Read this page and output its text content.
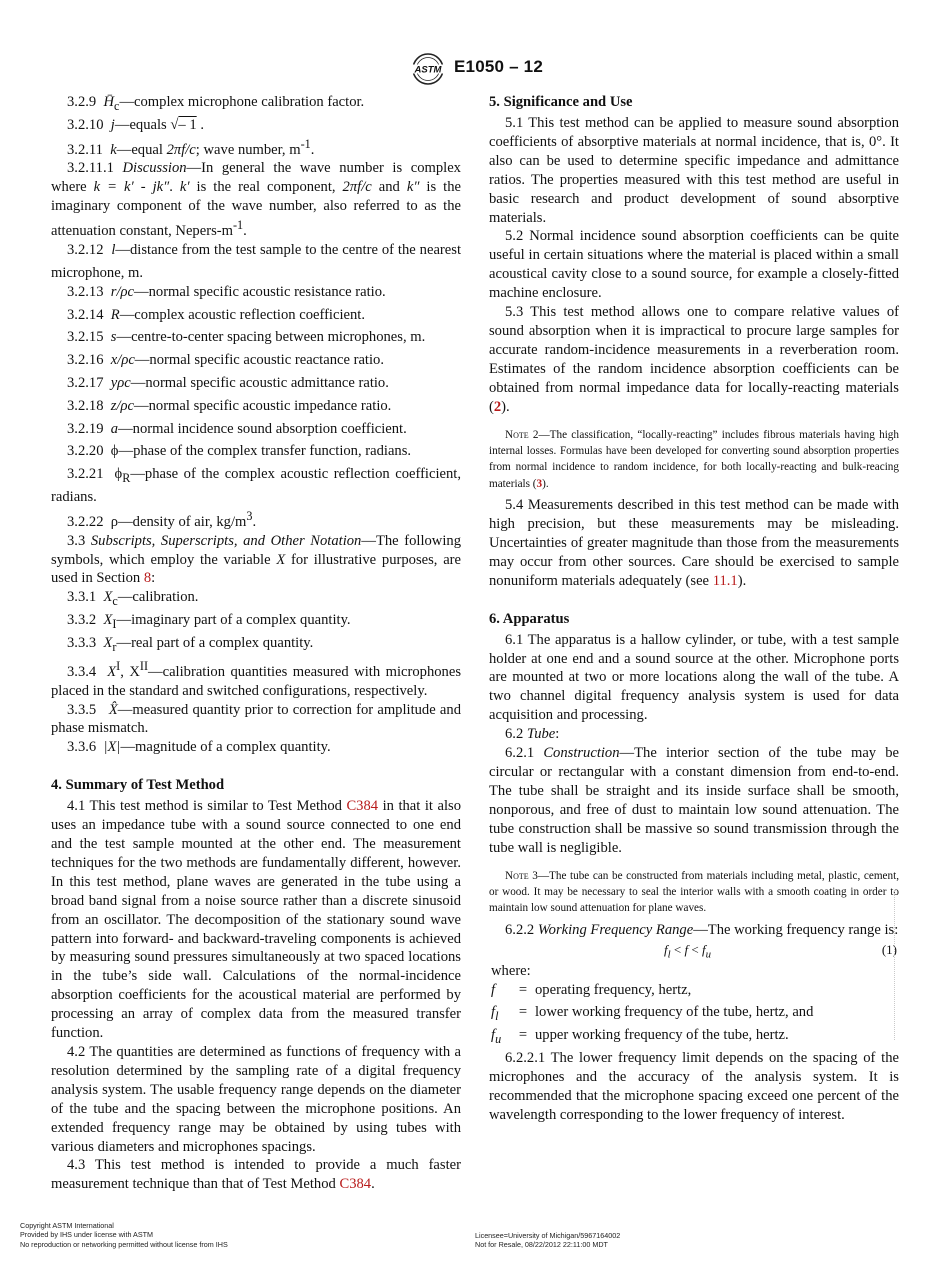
ASTM E1050 – 12

3.2.9 $H̄_c—complex$ microphone calibration factor.

3.2.10 j—equals √– 1 .

3.2.11 k—equal 2πf/c; wave number, $m^{-1}$.

3.2.11.1 Discussion—In general the wave number is complex where k = k′ - jk″. k′ is the real component, 2πf/c and k″ is the imaginary component of the wave number, also referred to as the attenuation constant, Nepers-$m^{-1}$.

3.2.12 l—distance from the test sample to the centre of the nearest microphone, m.

3.2.13 r/ρc—normal specific acoustic resistance ratio.

3.2.14 R—complex acoustic reflection coefficient.

3.2.15 s—centre-to-center spacing between microphones, m.

3.2.16 x/ρc—normal specific acoustic reactance ratio.

3.2.17 yρc—normal specific acoustic admittance ratio.

3.2.18 z/ρc—normal specific acoustic impedance ratio.

3.2.19 a—normal incidence sound absorption coefficient.

3.2.20 ϕ—phase of the complex transfer function, radians.

3.2.21 $\phi_R—phase$ of the complex acoustic reflection coefficient, radians.

3.2.22 ρ—density of air, $kg/m^3$.

3.3 Subscripts, Superscripts, and Other Notation—The following symbols, which employ the variable X for illustrative purposes, are used in Section 8:

3.3.1 $X_c—calibration$.

3.3.2 $X_I—imaginary$ part of a complex quantity.

3.3.3 $X_r—real$ part of a complex quantity.

3.3.4 $X^I$, $X^{II}—calibration$ quantities measured with microphones placed in the standard and switched configurations, respectively.

3.3.5 X̂—measured quantity prior to correction for amplitude and phase mismatch.

3.3.6 |X|—magnitude of a complex quantity.

4. Summary of Test Method

4.1 This test method is similar to Test Method C384 in that it also uses an impedance tube with a sound source connected to one end and the test sample mounted at the other end. The measurement techniques for the two methods are fundamentally different, however. In this test method, plane waves are generated in the tube using a broad band signal from a noise source rather than a discrete sinusoid from an oscillator. The decomposition of the stationary sound wave pattern into forward- and backward-traveling components is achieved by measuring sound pressures simultaneously at two spaced locations in the tube’s side wall. Calculations of the normal-incidence absorption coefficients for the acoustical material are performed by processing an array of complex data from the measured transfer function.

4.2 The quantities are determined as functions of frequency with a resolution determined by the sampling rate of a digital frequency analysis system. The usable frequency range depends on the diameter of the tube and the spacing between the microphone positions. An extended frequency range may be obtained by using tubes with various diameters and microphones spacings.

4.3 This test method is intended to provide a much faster measurement technique than that of Test Method C384.

5. Significance and Use

5.1 This test method can be applied to measure sound absorption coefficients of absorptive materials at normal incidence, that is, 0°. It also can be used to determine specific impedance and admittance ratios. The properties measured with this test method are useful in basic research and product development of sound absorptive materials.

5.2 Normal incidence sound absorption coefficients can be quite useful in certain situations where the material is placed within a small acoustical cavity close to a sound source, for example a closely-fitted machine enclosure.

5.3 This test method allows one to compare relative values of sound absorption when it is impractical to procure large samples for accurate random-incidence measurements in a reverberation room. Estimates of the random incidence absorption coefficients can be obtained from normal impedance data for locally-reacting materials (2).

Note 2—The classification, “locally-reacting” includes fibrous materials having high internal losses. Formulas have been developed for converting sound absorption properties from normal incidence to random incidence, for both locally-reacting and bulk-reacing materials (3).

5.4 Measurements described in this test method can be made with high precision, but these measurements may be misleading. Uncertainties of greater magnitude than those from the measurements may occur from other sources. Care should be exercised to sample nonuniform materials adequately (see 11.1).

6. Apparatus

6.1 The apparatus is a hallow cylinder, or tube, with a test sample holder at one end and a sound source at the other. Microphone ports are mounted at two or more locations along the wall of the tube. A two channel digital frequency analysis system is used for data acquisition and processing.

6.2 Tube:

6.2.1 Construction—The interior section of the tube may be circular or rectangular with a constant dimension from end-to-end. The tube shall be straight and its inside surface shall be smooth, nonporous, and free of dust to maintain low sound attenuation. The tube construction shall be massive so sound transmission through the tube wall is negligible.

Note 3—The tube can be constructed from materials including metal, plastic, cement, or wood. It may be necessary to seal the interior walls with a smooth coating in order to maintain low sound attenuation for plane waves.

6.2.2 Working Frequency Range—The working frequency range is:

$f_l < f < f_u$	(1)

where:

f	= operating frequency, hertz,
$f_l$	= lower working frequency of the tube, hertz, and
$f_u$	= upper working frequency of the tube, hertz.

6.2.2.1 The lower frequency limit depends on the spacing of the microphones and the accuracy of the analysis system. It is recommended that the microphone spacing exceed one percent of the wavelength corresponding to the lower frequency of interest.

Copyright ASTM International
Provided by IHS under license with ASTM
No reproduction or networking permitted without license from IHS
Licensee=University of Michigan/5967164002
Not for Resale, 08/22/2012 22:11:00 MDT
